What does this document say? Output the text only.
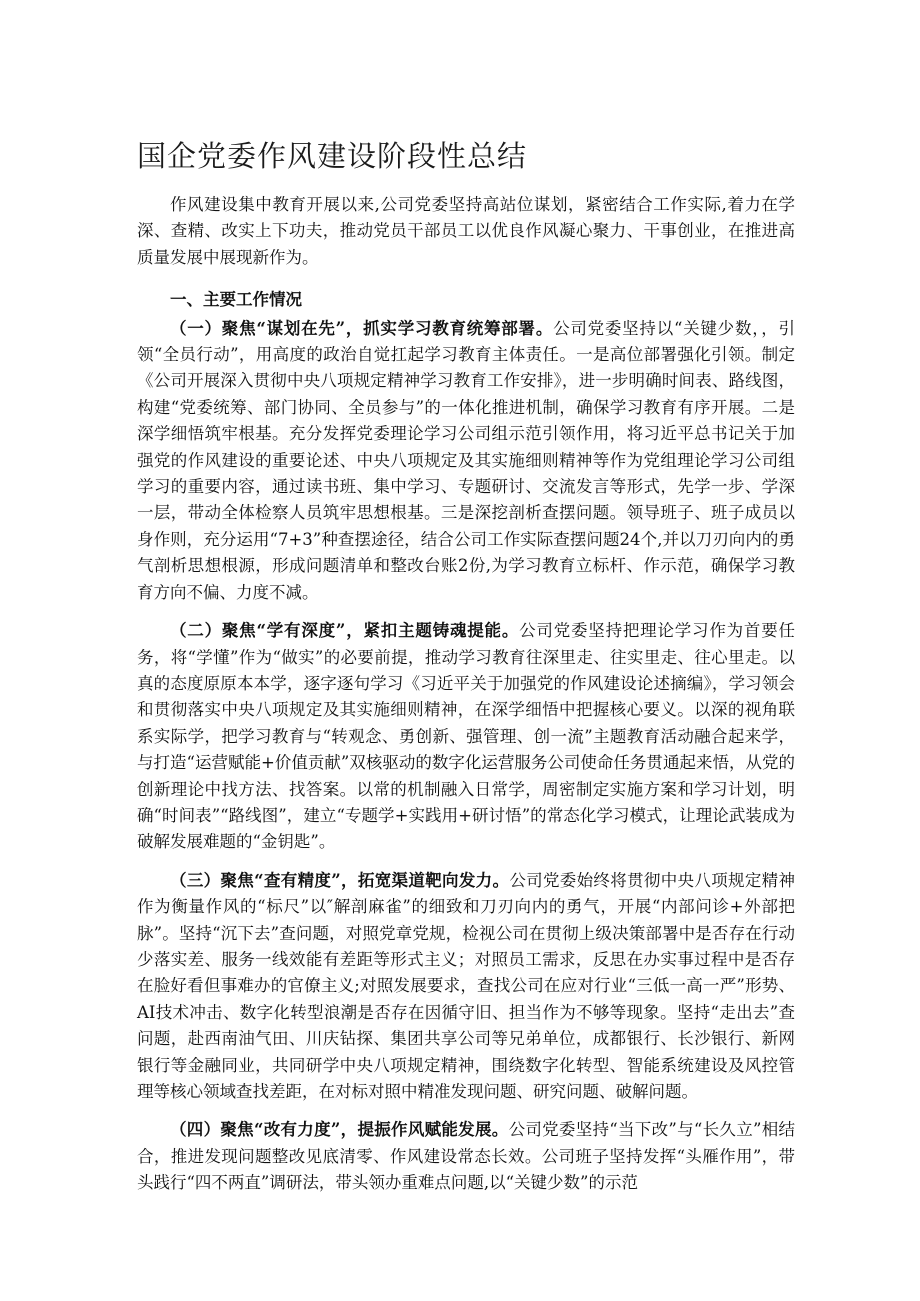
国企党委作风建设阶段性总结

作风建设集中教育开展以来,公司党委坚持高站位谋划，紧密结合工作实际,着力在学深、查精、改实上下功夫，推动党员干部员工以优良作风凝心聚力、干事创业，在推进高质量发展中展现新作为。

一、主要工作情况

（一）聚焦“谋划在先”，抓实学习教育统筹部署。公司党委坚持以“关键少数，，引领“全员行动”，用高度的政治自觉扛起学习教育主体责任。一是高位部署强化引领。制定《公司开展深入贯彻中央八项规定精神学习教育工作安排》，进一步明确时间表、路线图，构建“党委统筹、部门协同、全员参与”的一体化推进机制，确保学习教育有序开展。二是深学细悟筑牢根基。充分发挥党委理论学习公司组示范引领作用，将习近平总书记关于加强党的作风建设的重要论述、中央八项规定及其实施细则精神等作为党组理论学习公司组学习的重要内容，通过读书班、集中学习、专题研讨、交流发言等形式，先学一步、学深一层，带动全体检察人员筑牢思想根基。三是深挖剖析查摆问题。领导班子、班子成员以身作则，充分运用“7+3”种查摆途径，结合公司工作实际查摆问题24个,并以刀刃向内的勇气剖析思想根源，形成问题清单和整改台账2份,为学习教育立标杆、作示范，确保学习教育方向不偏、力度不减。

（二）聚焦“学有深度”，紧扣主题铸魂提能。公司党委坚持把理论学习作为首要任务，将“学懂”作为“做实”的必要前提，推动学习教育往深里走、往实里走、往心里走。以真的态度原原本本学，逐字逐句学习《习近平关于加强党的作风建设论述摘编》，学习领会和贯彻落实中央八项规定及其实施细则精神，在深学细悟中把握核心要义。以深的视角联系实际学，把学习教育与“转观念、勇创新、强管理、创一流”主题教育活动融合起来学，与打造“运营赋能+价值贡献”双核驱动的数字化运营服务公司使命任务贯通起来悟，从党的创新理论中找方法、找答案。以常的机制融入日常学，周密制定实施方案和学习计划，明确“时间表”“路线图”，建立“专题学+实践用+研讨悟”的常态化学习模式，让理论武装成为破解发展难题的“金钥匙”。

（三）聚焦“查有精度”，拓宽渠道靶向发力。公司党委始终将贯彻中央八项规定精神作为衡量作风的“标尺”以″解剖麻雀”的细致和刀刃向内的勇气，开展“内部问诊+外部把脉”。坚持“沉下去”查问题，对照党章党规，检视公司在贯彻上级决策部署中是否存在行动少落实差、服务一线效能有差距等形式主义；对照员工需求，反思在办实事过程中是否存在脸好看但事难办的官僚主义;对照发展要求，查找公司在应对行业“三低一高一严”形势、AI技术冲击、数字化转型浪潮是否存在因循守旧、担当作为不够等现象。坚持“走出去”查问题，赴西南油气田、川庆钻探、集团共享公司等兄弟单位，成都银行、长沙银行、新网银行等金融同业，共同研学中央八项规定精神，围绕数字化转型、智能系统建设及风控管理等核心领域查找差距，在对标对照中精准发现问题、研究问题、破解问题。

（四）聚焦“改有力度”，提振作风赋能发展。公司党委坚持“当下改”与“长久立”相结合，推进发现问题整改见底清零、作风建设常态长效。公司班子坚持发挥“头雁作用”，带头践行“四不两直”调研法，带头领办重难点问题,以“关键少数”的示范
